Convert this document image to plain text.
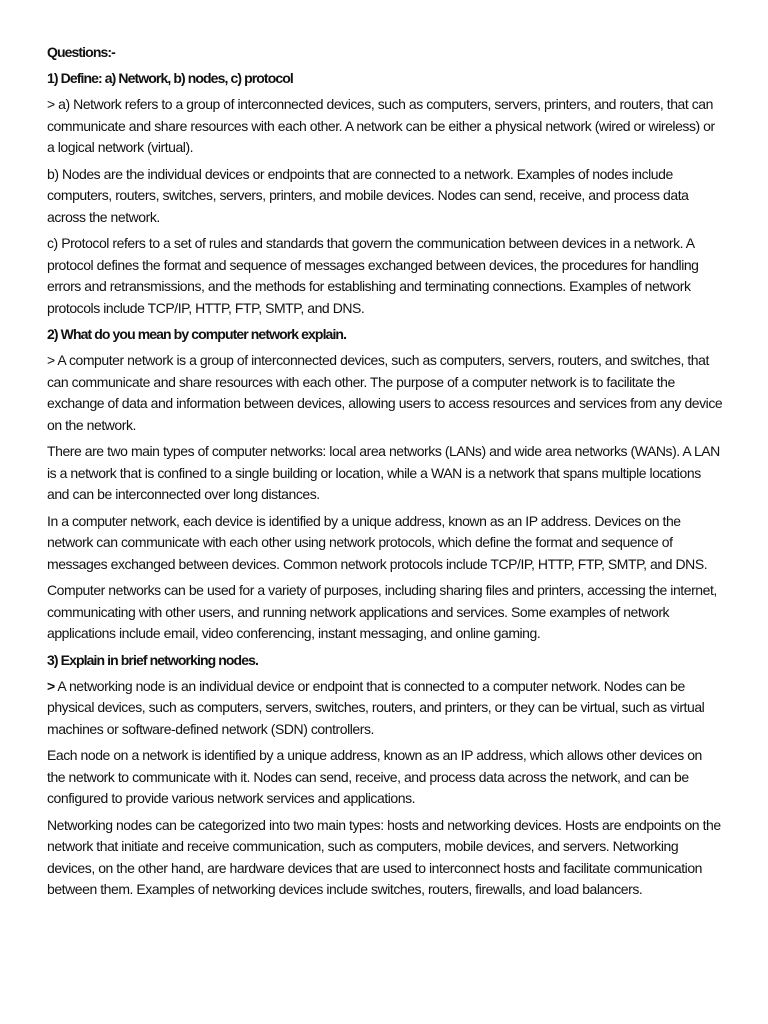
Questions:-
1) Define: a) Network, b) nodes, c) protocol

> a) Network refers to a group of interconnected devices, such as computers, servers, printers, and routers, that can communicate and share resources with each other. A network can be either a physical network (wired or wireless) or a logical network (virtual).

b) Nodes are the individual devices or endpoints that are connected to a network. Examples of nodes include computers, routers, switches, servers, printers, and mobile devices. Nodes can send, receive, and process data across the network.

c) Protocol refers to a set of rules and standards that govern the communication between devices in a network. A protocol defines the format and sequence of messages exchanged between devices, the procedures for handling errors and retransmissions, and the methods for establishing and terminating connections. Examples of network protocols include TCP/IP, HTTP, FTP, SMTP, and DNS.

2) What do you mean by computer network explain.

> A computer network is a group of interconnected devices, such as computers, servers, routers, and switches, that can communicate and share resources with each other. The purpose of a computer network is to facilitate the exchange of data and information between devices, allowing users to access resources and services from any device on the network.

There are two main types of computer networks: local area networks (LANs) and wide area networks (WANs). A LAN is a network that is confined to a single building or location, while a WAN is a network that spans multiple locations and can be interconnected over long distances.

In a computer network, each device is identified by a unique address, known as an IP address. Devices on the network can communicate with each other using network protocols, which define the format and sequence of messages exchanged between devices. Common network protocols include TCP/IP, HTTP, FTP, SMTP, and DNS.

Computer networks can be used for a variety of purposes, including sharing files and printers, accessing the internet, communicating with other users, and running network applications and services. Some examples of network applications include email, video conferencing, instant messaging, and online gaming.

3) Explain in brief networking nodes.

> A networking node is an individual device or endpoint that is connected to a computer network. Nodes can be physical devices, such as computers, servers, switches, routers, and printers, or they can be virtual, such as virtual machines or software-defined network (SDN) controllers.

Each node on a network is identified by a unique address, known as an IP address, which allows other devices on the network to communicate with it. Nodes can send, receive, and process data across the network, and can be configured to provide various network services and applications.

Networking nodes can be categorized into two main types: hosts and networking devices. Hosts are endpoints on the network that initiate and receive communication, such as computers, mobile devices, and servers. Networking devices, on the other hand, are hardware devices that are used to interconnect hosts and facilitate communication between them. Examples of networking devices include switches, routers, firewalls, and load balancers.
